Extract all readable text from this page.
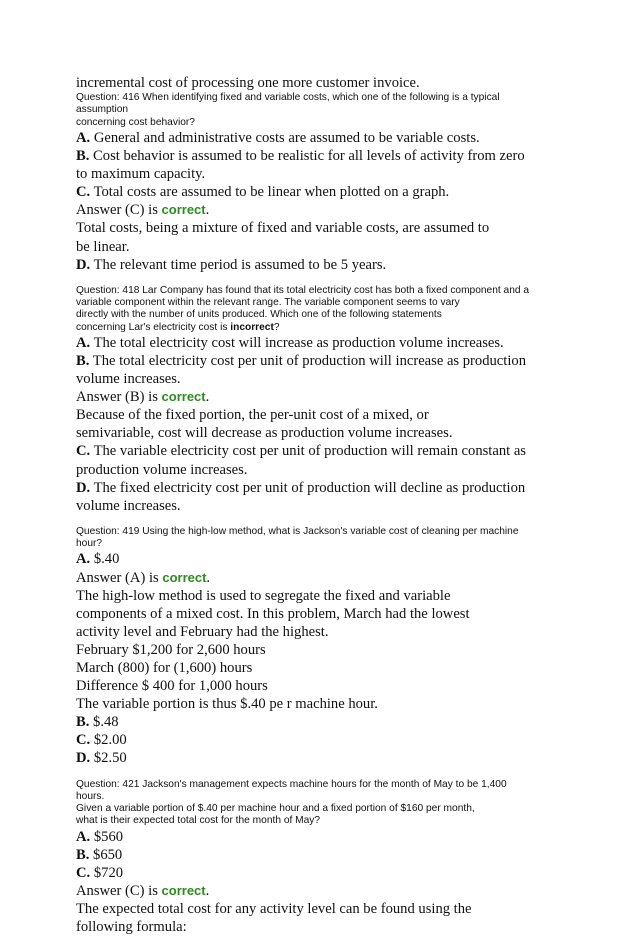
incremental cost of processing one more customer invoice.
Question: 416 When identifying fixed and variable costs, which one of the following is a typical
assumption
concerning cost behavior?
A. General and administrative costs are assumed to be variable costs.
B. Cost behavior is assumed to be realistic for all levels of activity from zero
to maximum capacity.
C. Total costs are assumed to be linear when plotted on a graph.
Answer (C) is correct.
Total costs, being a mixture of fixed and variable costs, are assumed to
be linear.
D. The relevant time period is assumed to be 5 years.
Question: 418 Lar Company has found that its total electricity cost has both a fixed component and a
variable component within the relevant range. The variable component seems to vary
directly with the number of units produced. Which one of the following statements
concerning Lar's electricity cost is incorrect?
A. The total electricity cost will increase as production volume increases.
B. The total electricity cost per unit of production will increase as production
volume increases.
Answer (B) is correct.
Because of the fixed portion, the per-unit cost of a mixed, or
semivariable, cost will decrease as production volume increases.
C. The variable electricity cost per unit of production will remain constant as
production volume increases.
D. The fixed electricity cost per unit of production will decline as production
volume increases.
Question: 419 Using the high-low method, what is Jackson's variable cost of cleaning per machine
hour?
A. $.40
Answer (A) is correct.
The high-low method is used to segregate the fixed and variable
components of a mixed cost. In this problem, March had the lowest
activity level and February had the highest.
February $1,200 for 2,600 hours
March (800) for (1,600) hours
Difference $ 400 for 1,000 hours
The variable portion is thus $.40 pe r machine hour.
B. $.48
C. $2.00
D. $2.50
Question: 421 Jackson's management expects machine hours for the month of May to be 1,400
hours.
Given a variable portion of $.40 per machine hour and a fixed portion of $160 per month,
what is their expected total cost for the month of May?
A. $560
B. $650
C. $720
Answer (C) is correct.
The expected total cost for any activity level can be found using the
following formula:
